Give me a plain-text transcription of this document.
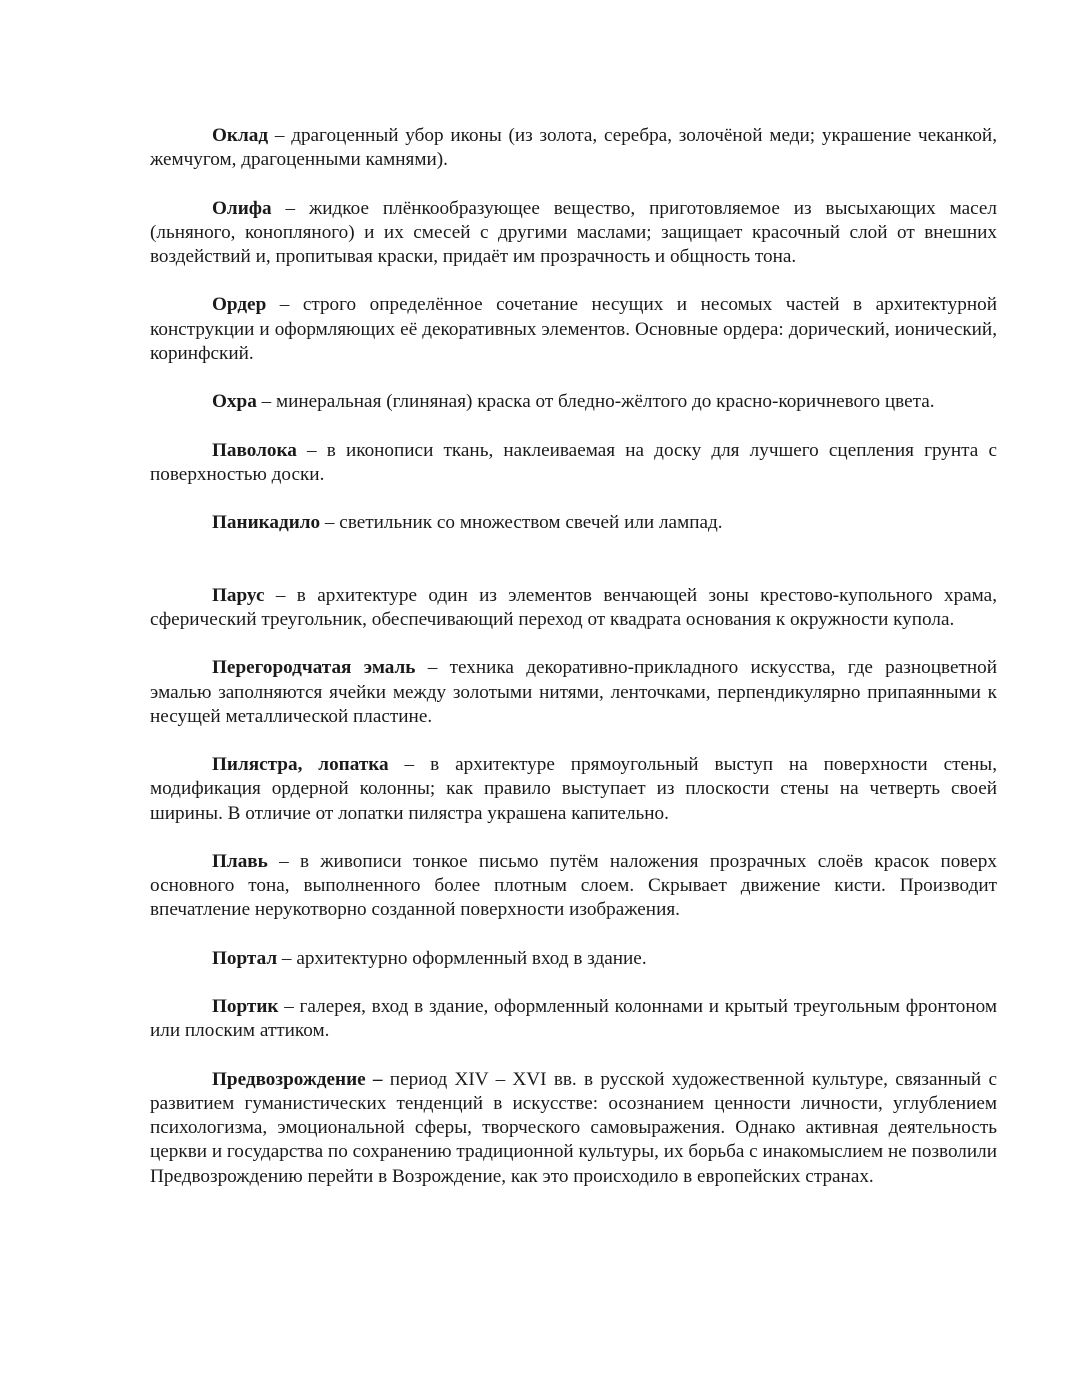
Оклад – драгоценный убор иконы (из золота, серебра, золочёной меди; украшение чеканкой, жемчугом, драгоценными камнями).

Олифа – жидкое плёнкообразующее вещество, приготовляемое из высыхающих масел (льняного, конопляного) и их смесей с другими маслами; защищает красочный слой от внешних воздействий и, пропитывая краски, придаёт им прозрачность и общность тона.

Ордер – строго определённое сочетание несущих и несомых частей в архитектурной конструкции и оформляющих её декоративных элементов. Основные ордера: дорический, ионический, коринфский.

Охра – минеральная (глиняная) краска от бледно-жёлтого до красно-коричневого цвета.

Паволока – в иконописи ткань, наклеиваемая на доску для лучшего сцепления грунта с поверхностью доски.

Паникадило – светильник со множеством свечей или лампад.

Парус – в архитектуре один из элементов венчающей зоны крестово-купольного храма, сферический треугольник, обеспечивающий переход от квадрата основания к окружности купола.

Перегородчатая эмаль – техника декоративно-прикладного искусства, где разноцветной эмалью заполняются ячейки между золотыми нитями, ленточками, перпендикулярно припаянными к несущей металлической пластине.

Пилястра, лопатка – в архитектуре прямоугольный выступ на поверхности стены, модификация ордерной колонны; как правило выступает из плоскости стены на четверть своей ширины. В отличие от лопатки пилястра украшена капительно.

Плавь – в живописи тонкое письмо путём наложения прозрачных слоёв красок поверх основного тона, выполненного более плотным слоем. Скрывает движение кисти. Производит впечатление нерукотворно созданной поверхности изображения.

Портал – архитектурно оформленный вход в здание.

Портик – галерея, вход в здание, оформленный колоннами и крытый треугольным фронтоном или плоским аттиком.

Предвозрождение – период XIV – XVI вв. в русской художественной культуре, связанный с развитием гуманистических тенденций в искусстве: осознанием ценности личности, углублением психологизма, эмоциональной сферы, творческого самовыражения. Однако активная деятельность церкви и государства по сохранению традиционной культуры, их борьба с инакомыслием не позволили Предвозрождению перейти в Возрождение, как это происходило в европейских странах.
